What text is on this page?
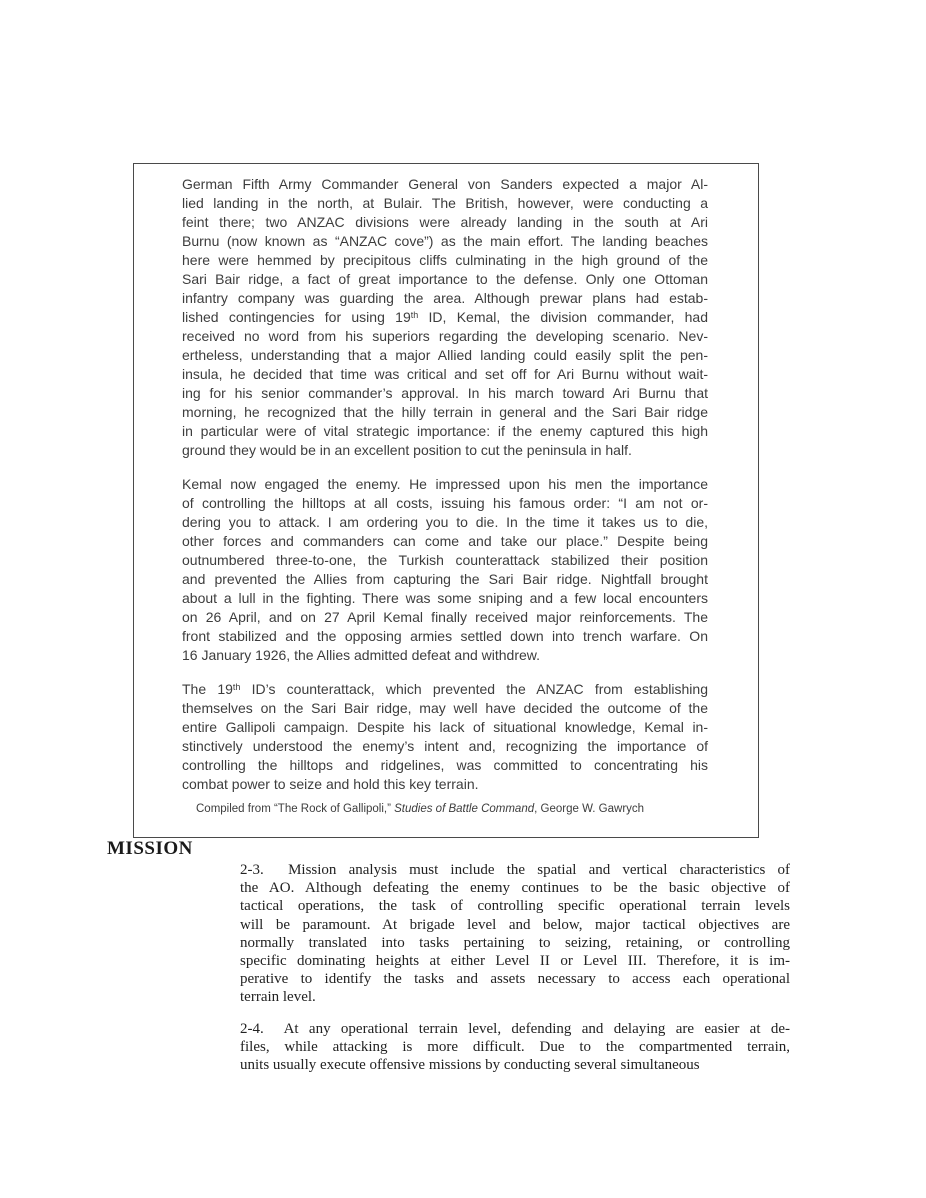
German Fifth Army Commander General von Sanders expected a major Al-
lied landing in the north, at Bulair. The British, however, were conducting a
feint there; two ANZAC divisions were already landing in the south at Ari
Burnu (now known as “ANZAC cove”) as the main effort. The landing beaches
here were hemmed by precipitous cliffs culminating in the high ground of the
Sari Bair ridge, a fact of great importance to the defense. Only one Ottoman
infantry company was guarding the area. Although prewar plans had estab-
lished contingencies for using 19th ID, Kemal, the division commander, had
received no word from his superiors regarding the developing scenario. Nev-
ertheless, understanding that a major Allied landing could easily split the pen-
insula, he decided that time was critical and set off for Ari Burnu without wait-
ing for his senior commander’s approval. In his march toward Ari Burnu that
morning, he recognized that the hilly terrain in general and the Sari Bair ridge
in particular were of vital strategic importance: if the enemy captured this high
ground they would be in an excellent position to cut the peninsula in half.
Kemal now engaged the enemy. He impressed upon his men the importance
of controlling the hilltops at all costs, issuing his famous order: “I am not or-
dering you to attack. I am ordering you to die. In the time it takes us to die,
other forces and commanders can come and take our place.” Despite being
outnumbered three-to-one, the Turkish counterattack stabilized their position
and prevented the Allies from capturing the Sari Bair ridge. Nightfall brought
about a lull in the fighting. There was some sniping and a few local encounters
on 26 April, and on 27 April Kemal finally received major reinforcements. The
front stabilized and the opposing armies settled down into trench warfare. On
16 January 1926, the Allies admitted defeat and withdrew.
The 19th ID’s counterattack, which prevented the ANZAC from establishing
themselves on the Sari Bair ridge, may well have decided the outcome of the
entire Gallipoli campaign. Despite his lack of situational knowledge, Kemal in-
stinctively understood the enemy’s intent and, recognizing the importance of
controlling the hilltops and ridgelines, was committed to concentrating his
combat power to seize and hold this key terrain.
Compiled from “The Rock of Gallipoli,” Studies of Battle Command, George W. Gawrych
MISSION
2-3.  Mission analysis must include the spatial and vertical characteristics of
the AO. Although defeating the enemy continues to be the basic objective of
tactical operations, the task of controlling specific operational terrain levels
will be paramount. At brigade level and below, major tactical objectives are
normally translated into tasks pertaining to seizing, retaining, or controlling
specific dominating heights at either Level II or Level III. Therefore, it is im-
perative to identify the tasks and assets necessary to access each operational
terrain level.
2-4.  At any operational terrain level, defending and delaying are easier at de-
files, while attacking is more difficult. Due to the compartmented terrain,
units usually execute offensive missions by conducting several simultaneous
